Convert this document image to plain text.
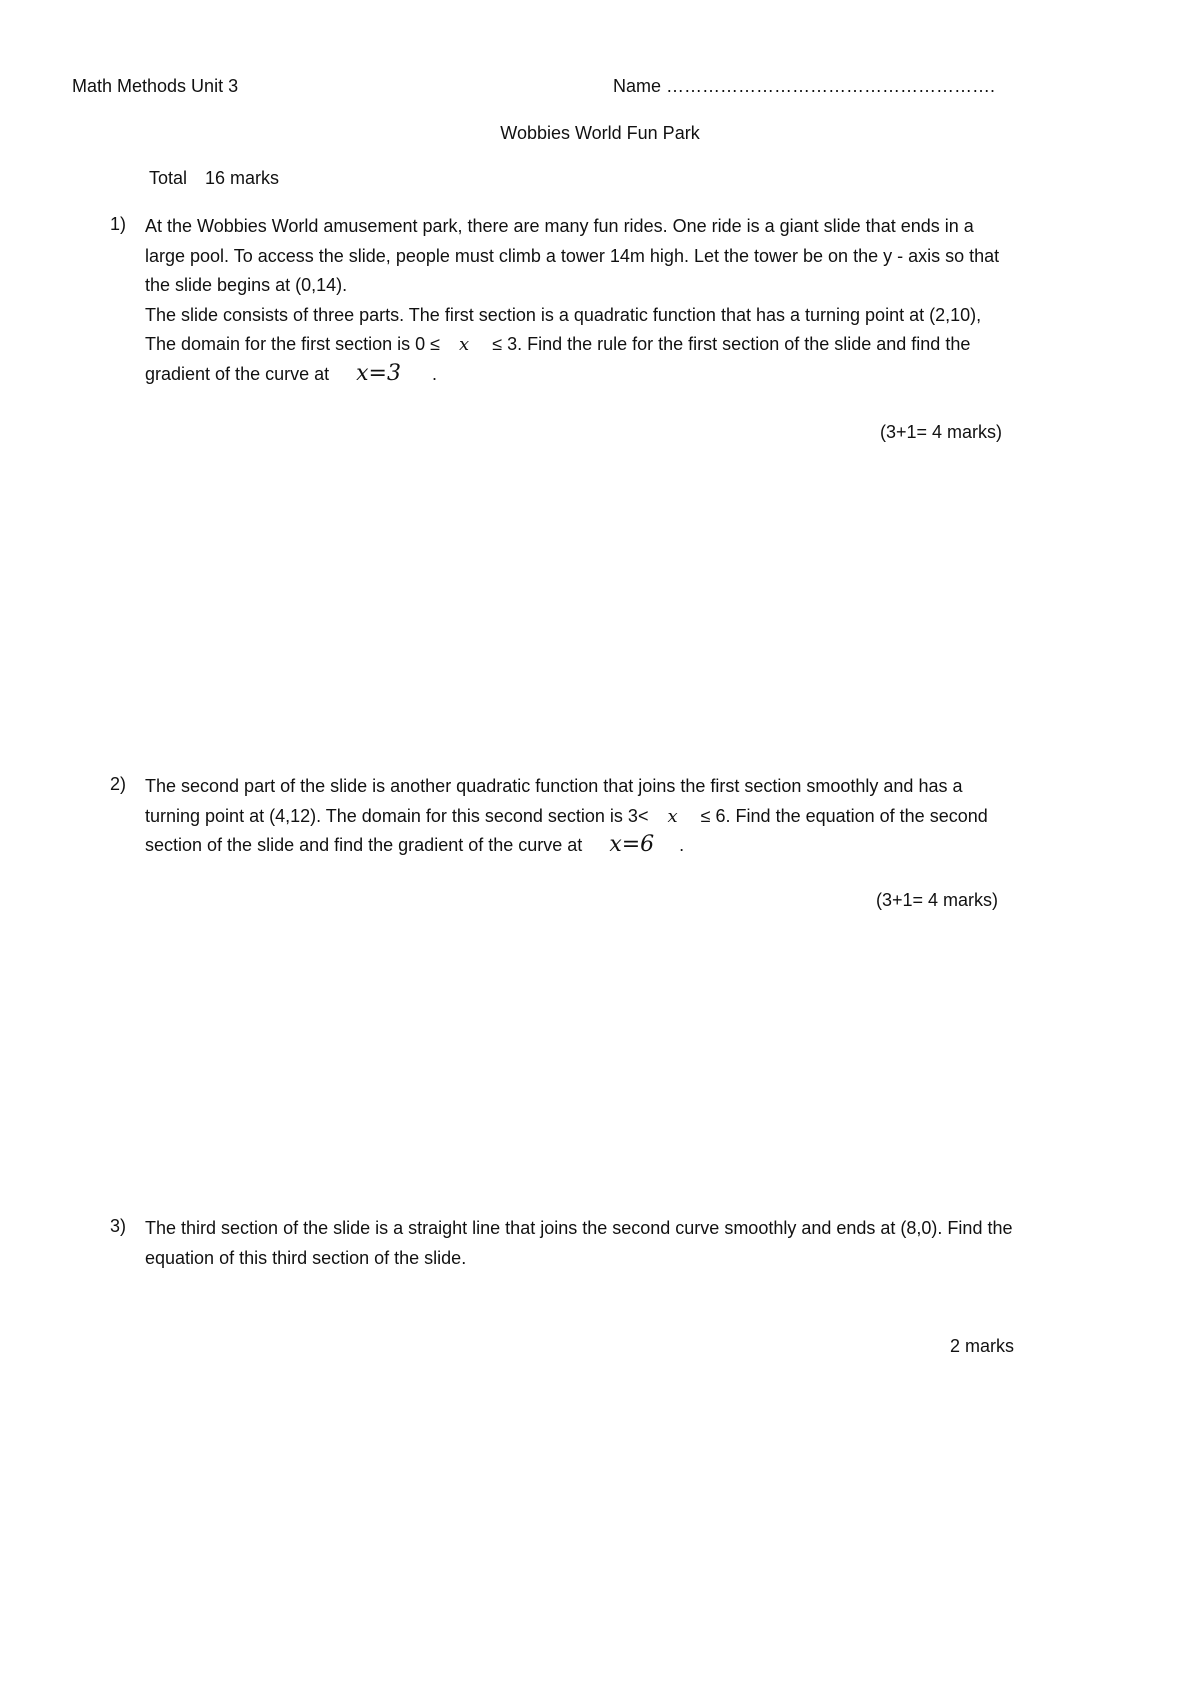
Math Methods Unit 3	Name ……………………………………………….
Wobbies World Fun Park
Total 16 marks
1) At the Wobbies World amusement park, there are many fun rides. One ride is a giant slide that ends in a
large pool. To access the slide, people must climb a tower 14m high. Let the tower be on the y - axis so that
the slide begins at (0,14).
The slide consists of three parts. The first section is a quadratic function that has a turning point at (2,10),
The domain for the first section is 0 ≤ x ≤ 3. Find the rule for the first section of the slide and find the
gradient of the curve at x=3 .
(3+1= 4 marks)
2) The second part of the slide is another quadratic function that joins the first section smoothly and has a
turning point at (4,12). The domain for this second section is 3< x ≤ 6. Find the equation of the second
section of the slide and find the gradient of the curve at x=6 .
(3+1= 4 marks)
3) The third section of the slide is a straight line that joins the second curve smoothly and ends at (8,0). Find the
equation of this third section of the slide.
2 marks
